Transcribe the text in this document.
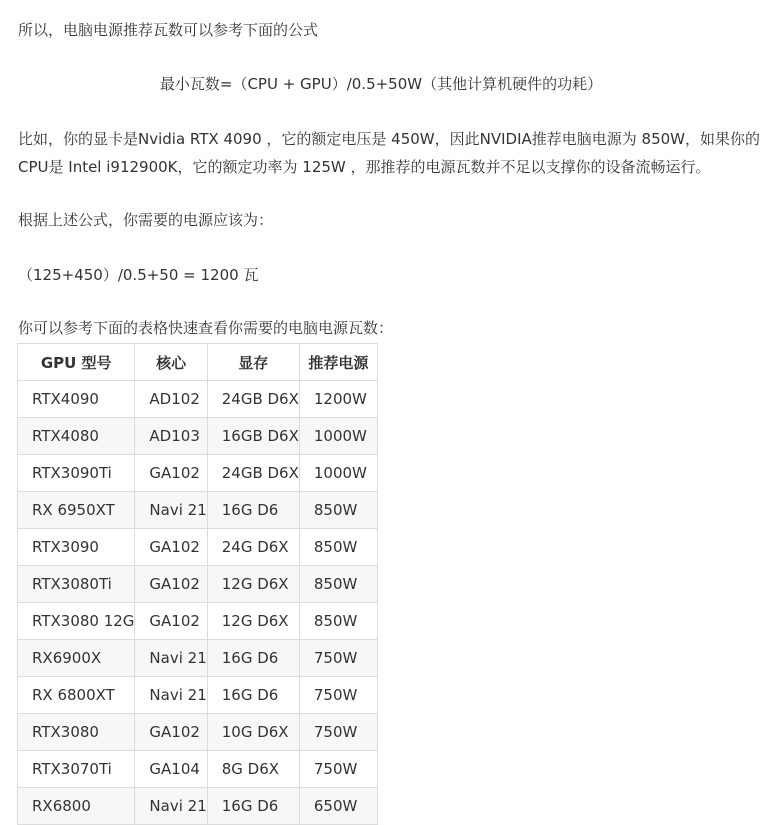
所以，电脑电源推荐瓦数可以参考下面的公式

最小瓦数=（CPU + GPU）/0.5+50W（其他计算机硬件的功耗）

比如，你的显卡是Nvidia RTX 4090 ，它的额定电压是 450W，因此NVIDIA推荐电脑电源为 850W，如果你的
CPU是 Intel i912900K，它的额定功率为 125W ，那推荐的电源瓦数并不足以支撑你的设备流畅运行。

根据上述公式，你需要的电源应该为：

（125+450）/0.5+50 = 1200 瓦

你可以参考下面的表格快速查看你需要的电脑电源瓦数：

GPU 型号	核心	显存	推荐电源
RTX4090	AD102	24GB D6X	1200W
RTX4080	AD103	16GB D6X	1000W
RTX3090Ti	GA102	24GB D6X	1000W
RX 6950XT	Navi 21	16G D6	850W
RTX3090	GA102	24G D6X	850W
RTX3080Ti	GA102	12G D6X	850W
RTX3080 12G	GA102	12G D6X	850W
RX6900X	Navi 21	16G D6	750W
RX 6800XT	Navi 21	16G D6	750W
RTX3080	GA102	10G D6X	750W
RTX3070Ti	GA104	8G D6X	750W
RX6800	Navi 21	16G D6	650W
